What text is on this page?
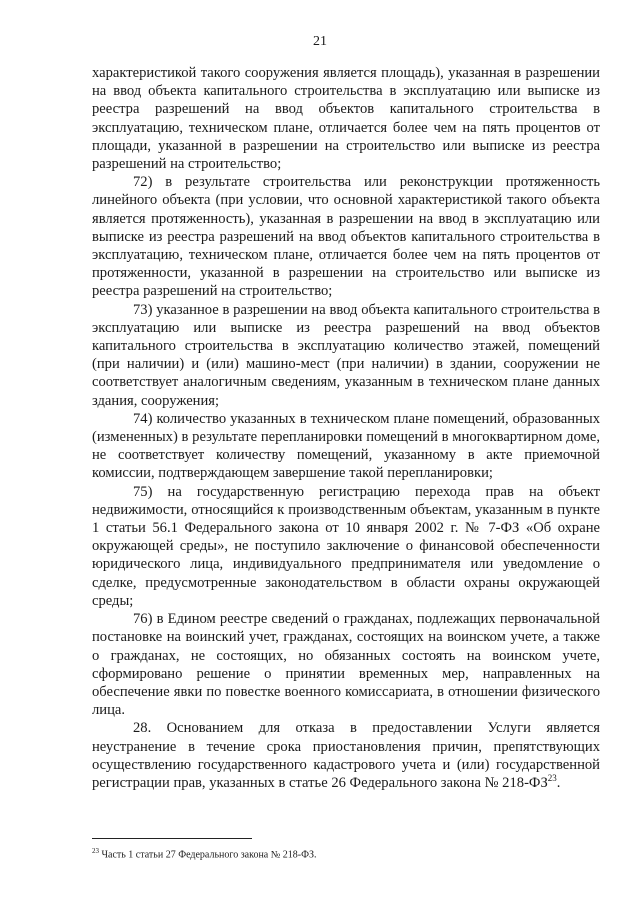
21

характеристикой такого сооружения является площадь), указанная в разрешении на ввод объекта капитального строительства в эксплуатацию или выписке из реестра разрешений на ввод объектов капитального строительства в эксплуатацию, техническом плане, отличается более чем на пять процентов от площади, указанной в разрешении на строительство или выписке из реестра разрешений на строительство;

72) в результате строительства или реконструкции протяженность линейного объекта (при условии, что основной характеристикой такого объекта является протяженность), указанная в разрешении на ввод в эксплуатацию или выписке из реестра разрешений на ввод объектов капитального строительства в эксплуатацию, техническом плане, отличается более чем на пять процентов от протяженности, указанной в разрешении на строительство или выписке из реестра разрешений на строительство;

73) указанное в разрешении на ввод объекта капитального строительства в эксплуатацию или выписке из реестра разрешений на ввод объектов капитального строительства в эксплуатацию количество этажей, помещений (при наличии) и (или) машино-мест (при наличии) в здании, сооружении не соответствует аналогичным сведениям, указанным в техническом плане данных здания, сооружения;

74) количество указанных в техническом плане помещений, образованных (измененных) в результате перепланировки помещений в многоквартирном доме, не соответствует количеству помещений, указанному в акте приемочной комиссии, подтверждающем завершение такой перепланировки;

75) на государственную регистрацию перехода прав на объект недвижимости, относящийся к производственным объектам, указанным в пункте 1 статьи 56.1 Федерального закона от 10 января 2002 г. № 7-ФЗ «Об охране окружающей среды», не поступило заключение о финансовой обеспеченности юридического лица, индивидуального предпринимателя или уведомление о сделке, предусмотренные законодательством в области охраны окружающей среды;

76) в Едином реестре сведений о гражданах, подлежащих первоначальной постановке на воинский учет, гражданах, состоящих на воинском учете, а также о гражданах, не состоящих, но обязанных состоять на воинском учете, сформировано решение о принятии временных мер, направленных на обеспечение явки по повестке военного комиссариата, в отношении физического лица.

28. Основанием для отказа в предоставлении Услуги является неустранение в течение срока приостановления причин, препятствующих осуществлению государственного кадастрового учета и (или) государственной регистрации прав, указанных в статье 26 Федерального закона № 218-ФЗ$^{23}$.

$^{23}$ Часть 1 статьи 27 Федерального закона № 218-ФЗ.
